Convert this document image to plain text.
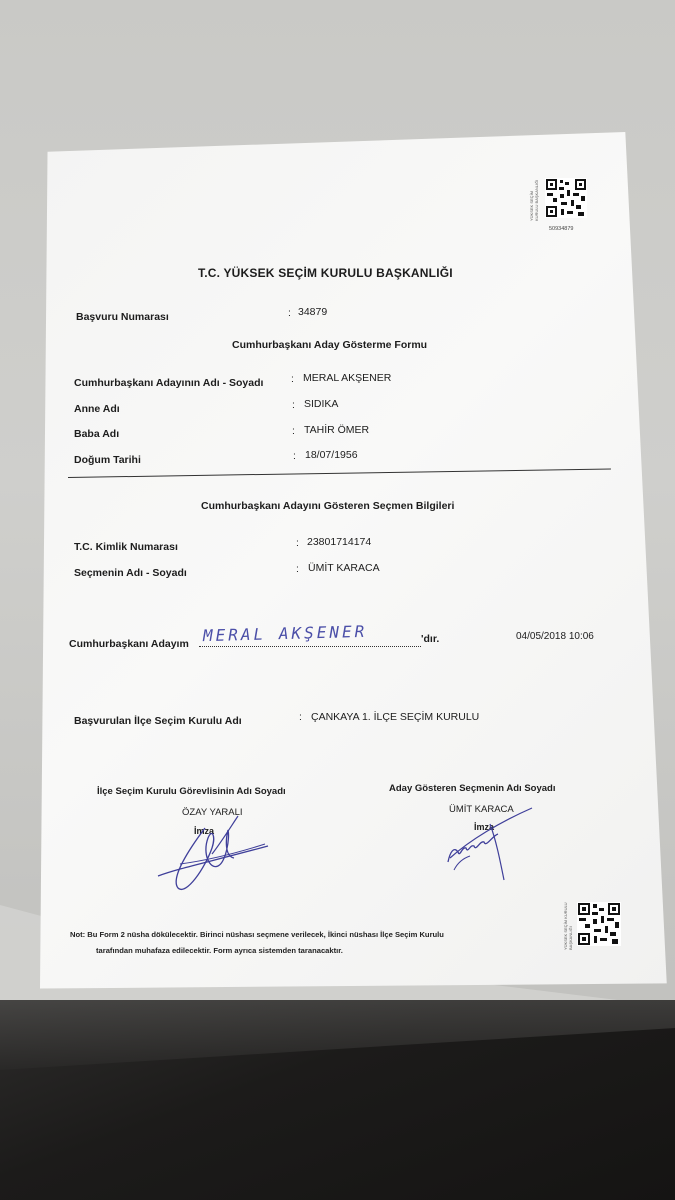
YÜKSEK SEÇİM KURULU BAŞKANLIĞI
50934879
T.C. YÜKSEK SEÇİM KURULU BAŞKANLIĞI
Başvuru Numarası	: 34879
Cumhurbaşkanı Aday Gösterme Formu
Cumhurbaşkanı Adayının Adı - Soyadı	: MERAL AKŞENER
Anne Adı	: SIDIKA
Baba Adı	: TAHİR ÖMER
Doğum Tarihi	: 18/07/1956
Cumhurbaşkanı Adayını Gösteren Seçmen Bilgileri
T.C. Kimlik Numarası	: 23801714174
Seçmenin Adı - Soyadı	: ÜMİT KARACA
Cumhurbaşkanı Adayım MERAL AKŞENER	'dır.	04/05/2018 10:06
Başvurulan İlçe Seçim Kurulu Adı	: ÇANKAYA 1. İLÇE SEÇİM KURULU
İlçe Seçim Kurulu Görevlisinin Adı Soyadı
ÖZAY YARALI
İmza
Aday Gösteren Seçmenin Adı Soyadı
ÜMİT KARACA
İmza
YÜKSEK SEÇİM KURULU BAŞKANLIĞI
Not: Bu Form 2 nüsha dökülecektir. Birinci nüshası seçmene verilecek, İkinci nüshası İlçe Seçim Kurulu
tarafından muhafaza edilecektir. Form ayrıca sistemden taranacaktır.
